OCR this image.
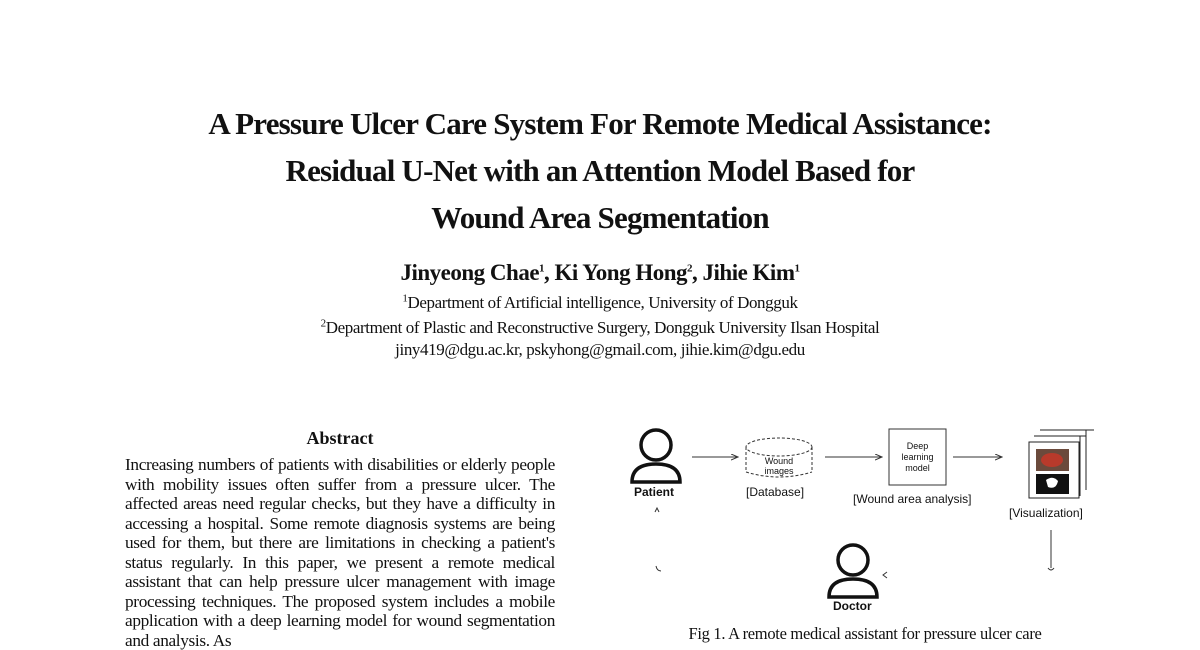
A Pressure Ulcer Care System For Remote Medical Assistance:
Residual U-Net with an Attention Model Based for
Wound Area Segmentation
Jinyeong Chae$^1$, Ki Yong Hong$^2$, Jihie Kim$^1$
$^1$Department of Artificial intelligence, University of Dongguk
$^2$Department of Plastic and Reconstructive Surgery, Dongguk University Ilsan Hospital
jiny419@dgu.ac.kr, pskyhong@gmail.com, jihie.kim@dgu.edu
Abstract

Increasing numbers of patients with disabilities or elderly people with mobility issues often suffer from a pressure ulcer. The affected areas need regular checks, but they have a difficulty in accessing a hospital. Some remote diagnosis systems are being used for them, but there are limitations in checking a patient's status regularly. In this paper, we present a remote medical assistant that can help pressure ulcer management with image processing techniques. The proposed system includes a mobile application with a deep learning model for wound segmentation and analysis. As

Patient
Wound images
[Database]
Deep learning model
[Wound area analysis]
[Visualization]
Doctor
Fig 1. A remote medical assistant for pressure ulcer care
